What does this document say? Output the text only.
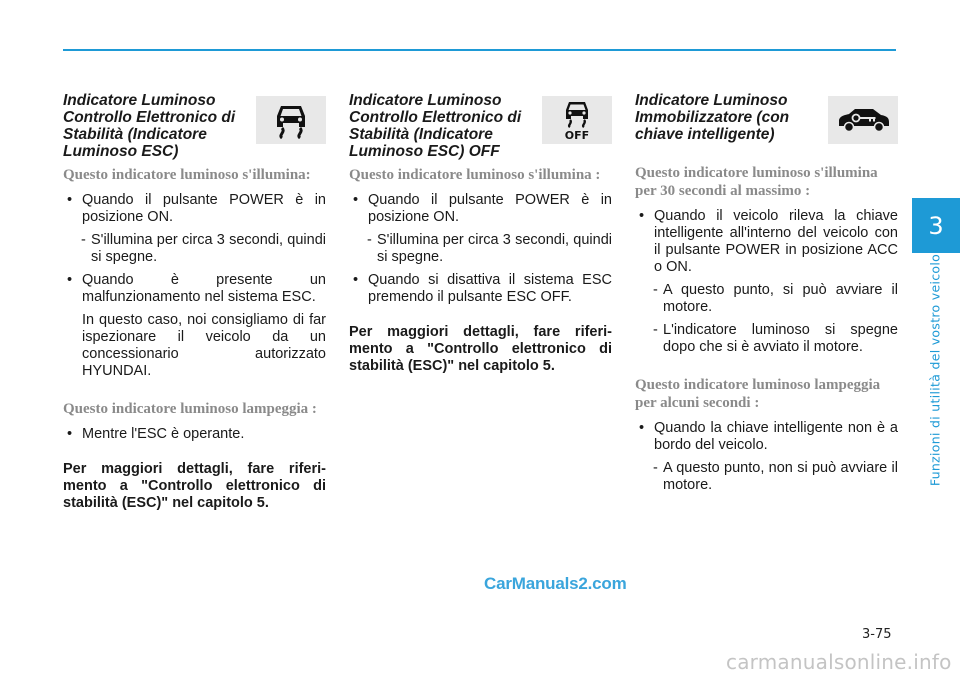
Indicatore Luminoso Controllo Elettronico di Stabilità (Indicatore Luminoso ESC)
Questo indicatore luminoso s'illumina:
• Quando il pulsante POWER è in posizione ON.
- S'illumina per circa 3 secondi, quindi si spegne.
• Quando è presente un malfunzionamento nel sistema ESC.
In questo caso, noi consigliamo di far ispezionare il veicolo da un concessionario autorizzato HYUNDAI.
Questo indicatore luminoso lampeggia :
• Mentre l'ESC è operante.
Per maggiori dettagli, fare riferi-mento a "Controllo elettronico di stabilità (ESC)" nel capitolo 5.
Indicatore Luminoso Controllo Elettronico di Stabilità (Indicatore Luminoso ESC) OFF
OFF
Questo indicatore luminoso s'illumina :
• Quando il pulsante POWER è in posizione ON.
- S'illumina per circa 3 secondi, quindi si spegne.
• Quando si disattiva il sistema ESC premendo il pulsante ESC OFF.
Per maggiori dettagli, fare riferi-mento a "Controllo elettronico di stabilità (ESC)" nel capitolo 5.
Indicatore Luminoso Immobilizzatore (con chiave intelligente)
Questo indicatore luminoso s'illumina per 30 secondi al massimo :
• Quando il veicolo rileva la chiave intelligente all'interno del veicolo con il pulsante POWER in posizione ACC o ON.
- A questo punto, si può avviare il motore.
- L'indicatore luminoso si spegne dopo che si è avviato il motore.
Questo indicatore luminoso lampeggia per alcuni secondi :
• Quando la chiave intelligente non è a bordo del veicolo.
- A questo punto, non si può avviare il motore.
3
Funzioni di utilità del vostro veicolo
CarManuals2.com
3-75
carmanualsonline.info
